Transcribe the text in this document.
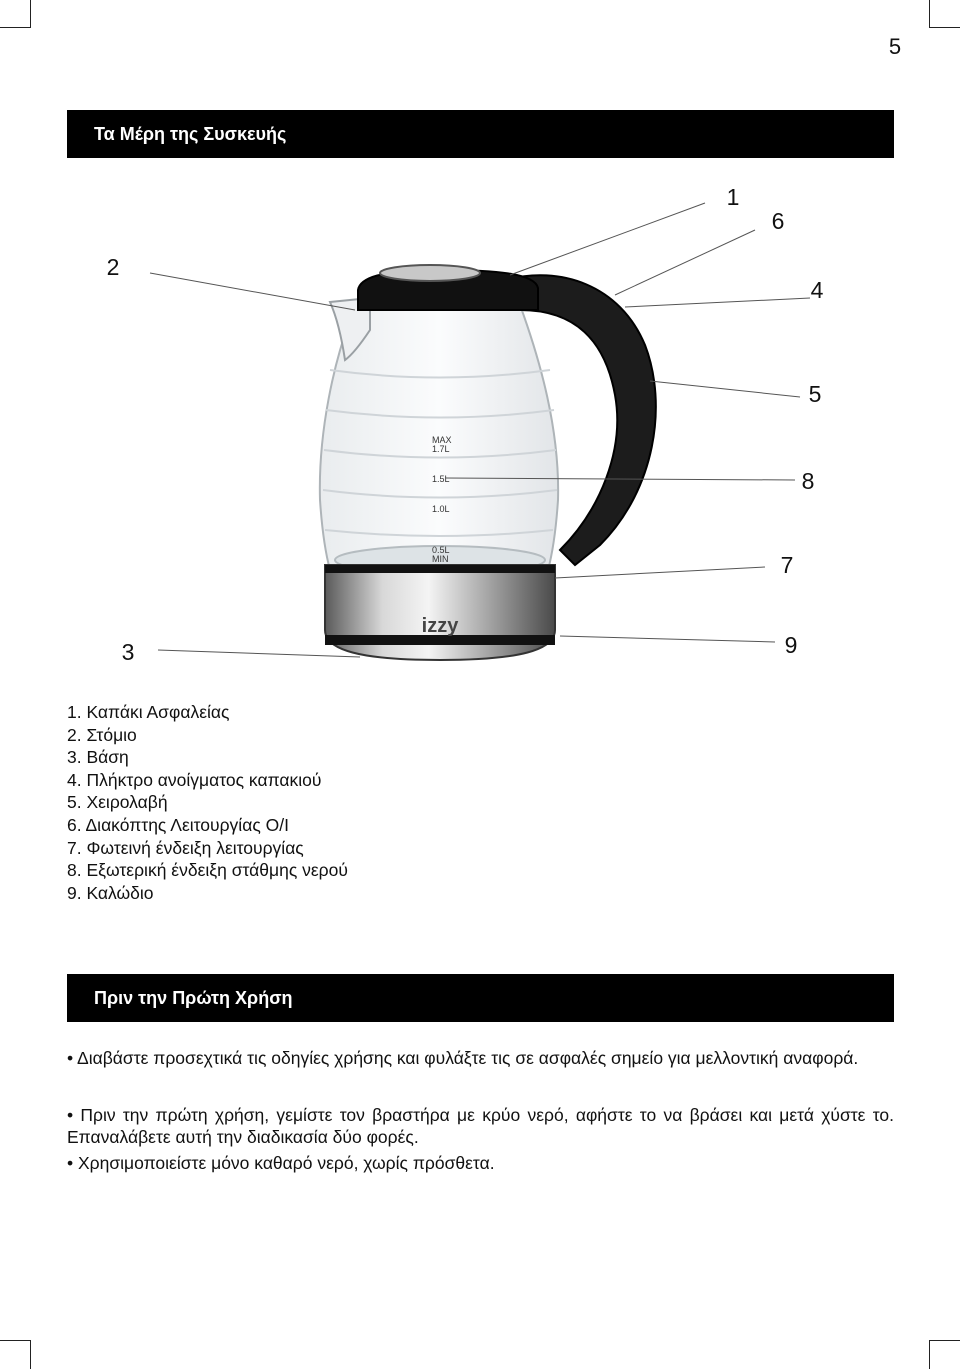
5
Τα Μέρη της Συσκευής
izzy
MAX
1.7L
1.5L
1.0L
0.5L
MIN
1
2
3
4
5
6
7
8
9
1. Καπάκι Ασφαλείας
2. Στόμιο
3. Βάση
4. Πλήκτρο ανοίγματος καπακιού
5. Χειρολαβή
6. Διακόπτης Λειτουργίας O/I
7. Φωτεινή ένδειξη λειτουργίας
8. Εξωτερική ένδειξη στάθμης νερού
9. Καλώδιο
Πριν την Πρώτη Χρήση

• Διαβάστε προσεχτικά τις οδηγίες χρήσης και φυλάξτε τις σε ασφαλές σημείο για μελλοντική αναφορά.

• Πριν την πρώτη χρήση, γεμίστε τον βραστήρα με κρύο νερό, αφήστε το να βράσει και μετά χύστε το. Επαναλάβετε αυτή την διαδικασία δύο φορές.

• Χρησιμοποιείστε μόνο καθαρό νερό, χωρίς πρόσθετα.
